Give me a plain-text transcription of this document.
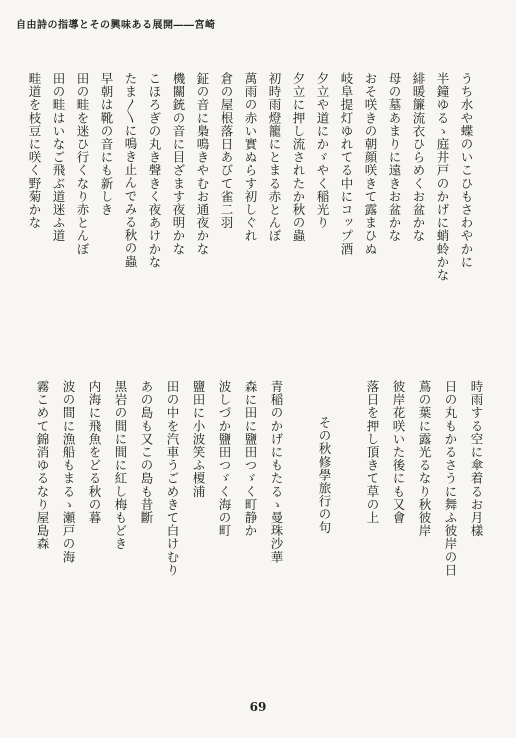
自由詩の指導とその興味ある展開――宮崎
うち水や蝶のいこひもさわやかに
半鐘ゆるゝ庭井戸のかげに蛸蛉かな
緋暖簾流衣ひらめくお盆かな
母の墓あまりに遠きお盆かな
おそ咲きの朝顔咲きて露まひぬ
岐阜提灯ゆれてる中にコップ酒
夕立や道にかゞやく稲光り
夕立に押し流されたか秋の蟲
初時雨燈籠にとまる赤とんぼ
萬雨の赤い實ぬらす初しぐれ
倉の屋根落日あびて雀二羽
鉦の音に梟鳴きやむお通夜かな
機關銃の音に目ざます夜明かな
こほろぎの丸き聲きく夜あけかな
たま〳〵に鳴き止んでみる秋の蟲
早朝は靴の音にも新しき
田の畦を迷ひ行くなり赤とんぼ
田の畦はいなご飛ぶ道迷ふ道
畦道を枝豆に咲く野菊かな
時雨する空に傘着るお月樣
日の丸もかるさうに舞ふ彼岸の日
蔦の葉に露光るなり秋彼岸
彼岸花咲いた後にも又會
落日を押し頂きて草の上
その秋修學旅行の句
青稲のかげにもたるゝ曼珠沙華
森に田に鹽田つゞく町静か
波しづか鹽田つゞく海の町
鹽田に小波笑ふ榎浦
田の中を汽車うごめきて白けむり
あの島も又この島も昔斷
黒岩の間に間に紅し梅もどき
内海に飛魚をどる秋の暮
波の間に漁船もまるゝ瀬戸の海
霧こめて錦消ゆるなり屋島森
69
